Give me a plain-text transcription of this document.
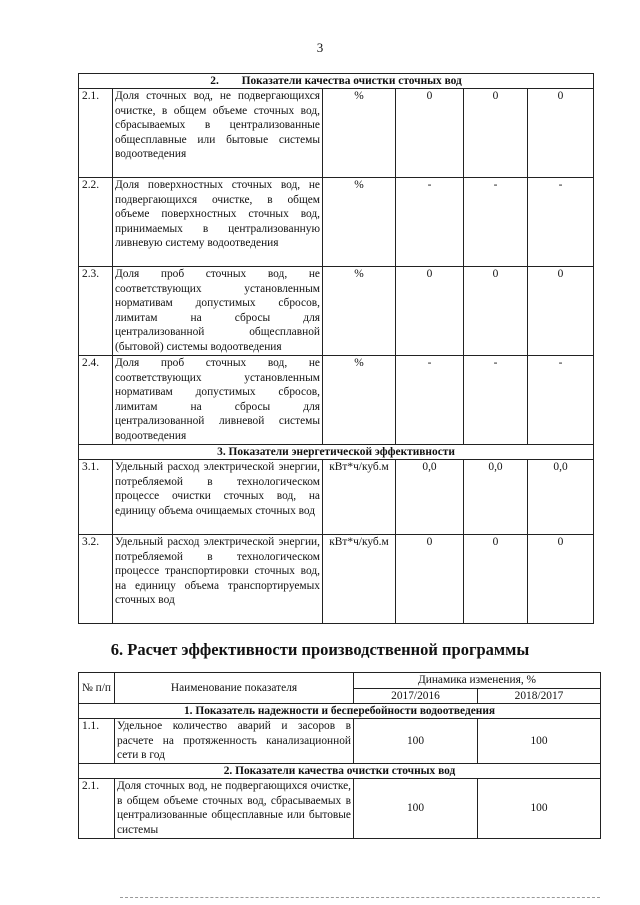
3
2. Показатели качества очистки сточных вод					
2.1.	Доля сточных вод, не подвергающихся очистке, в общем объеме сточных вод, сбрасываемых в централизованные общесплавные или бытовые системы водоотведения	%	0	0	0
2.2.	Доля поверхностных сточных вод, не подвергающихся очистке, в общем объеме поверхностных сточных вод, принимаемых в централизованную ливневую систему водоотведения	%	-	-	-
2.3.	Доля проб сточных вод, не соответствующих установленным нормативам допустимых сбросов, лимитам на сбросы для централизованной общесплавной (бытовой) системы водоотведения	%	0	0	0
2.4.	Доля проб сточных вод, не соответствующих установленным нормативам допустимых сбросов, лимитам на сбросы для централизованной ливневой системы водоотведения	%	-	-	-
3. Показатели энергетической эффективности					
3.1.	Удельный расход электрической энергии, потребляемой в технологическом процессе очистки сточных вод, на единицу объема очищаемых сточных вод	кВт*ч/куб.м	0,0	0,0	0,0
3.2.	Удельный расход электрической энергии, потребляемой в технологическом процессе транспортировки сточных вод, на единицу объема транспортируемых сточных вод	кВт*ч/куб.м	0	0	0
6. Расчет эффективности производственной программы
№ п/п	Наименование показателя	Динамика изменения, %	
		2017/2016	2018/2017
1. Показатель надежности и бесперебойности водоотведения			
1.1.	Удельное количество аварий и засоров в расчете на протяженность канализационной сети в год	100	100
2. Показатели качества очистки сточных вод			
2.1.	Доля сточных вод, не подвергающихся очистке, в общем объеме сточных вод, сбрасываемых в централизованные общесплавные или бытовые системы	100	100
